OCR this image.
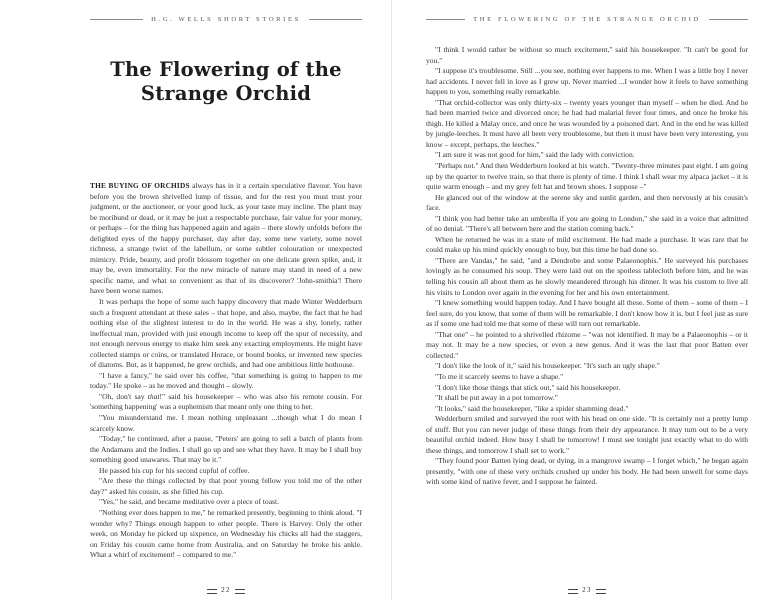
H.G. WELLS SHORT STORIES
The Flowering of the
Strange Orchid

THE BUYING OF ORCHIDS always has in it a certain speculative flavour. You have before you the brown shrivelled lump of tissue, and for the rest you must trust your judgment, or the auctioneer, or your good luck, as your taste may incline. The plant may be moribund or dead, or it may be just a respectable purchase, fair value for your money, or perhaps – for the thing has happened again and again – there slowly unfolds before the delighted eyes of the happy purchaser, day after day, some new variety, some novel richness, a strange twist of the labellum, or some subtler colouration or unexpected mimicry. Pride, beauty, and profit blossom together on one delicate green spike, and, it may be, even immortality. For the new miracle of nature may stand in need of a new specific name, and what so convenient as that of its discoverer? 'John-smithia'! There have been worse names.

It was perhaps the hope of some such happy discovery that made Winter Wedderburn such a frequent attendant at these sales – that hope, and also, maybe, the fact that he had nothing else of the slightest interest to do in the world. He was a shy, lonely, rather ineffectual man, provided with just enough income to keep off the spur of necessity, and not enough nervous energy to make him seek any exacting employments. He might have collected stamps or coins, or translated Horace, or bound books, or invented new species of diatoms. But, as it happened, he grew orchids, and had one ambitious little hothouse.

"I have a fancy," he said over his coffee, "that something is going to happen to me today." He spoke – as he moved and thought – slowly.

"Oh, don't say that!" said his housekeeper – who was also his remote cousin. For 'something happening' was a euphemism that meant only one thing to her.

"You misunderstand me. I mean nothing unpleasant ...though what I do mean I scarcely know.

"Today," he continued, after a pause, "Peters' are going to sell a batch of plants from the Andamans and the Indies. I shall go up and see what they have. It may be I shall buy something good unawares. That may be it."

He passed his cup for his second cupful of coffee.

"Are these the things collected by that poor young fellow you told me of the other day?" asked his cousin, as she filled his cup.

"Yes," he said, and became meditative over a piece of toast.

"Nothing ever does happen to me," he remarked presently, beginning to think aloud. "I wonder why? Things enough happen to other people. There is Harvey. Only the other week, on Monday he picked up sixpence, on Wednesday his chicks all had the staggers, on Friday his cousin came home from Australia, and on Saturday he broke his ankle. What a whirl of excitement! – compared to me."

22
THE FLOWERING OF THE STRANGE ORCHID

"I think I would rather be without so much excitement," said his housekeeper. "It can't be good for you."

"I suppose it's troublesome. Still ...you see, nothing ever happens to me. When I was a little boy I never had accidents. I never fell in love as I grew up. Never married ...I wonder how it feels to have something happen to you, something really remarkable.

"That orchid-collector was only thirty-six – twenty years younger than myself – when he died. And he had been married twice and divorced once; he had had malarial fever four times, and once he broke his thigh. He killed a Malay once, and once he was wounded by a poisoned dart. And in the end he was killed by jungle-leeches. It must have all been very troublesome, but then it must have been very interesting, you know – except, perhaps, the leeches."

"I am sure it was not good for him," said the lady with conviction.

"Perhaps not." And then Wedderburn looked at his watch. "Twenty-three minutes past eight. I am going up by the quarter to twelve train, so that there is plenty of time. I think I shall wear my alpaca jacket – it is quite warm enough – and my grey felt hat and brown shoes. I suppose –"

He glanced out of the window at the serene sky and sunlit garden, and then nervously at his cousin's face.

"I think you had better take an umbrella if you are going to London," she said in a voice that admitted of no denial. "There's all between here and the station coming back."

When he returned he was in a state of mild excitement. He had made a purchase. It was rare that he could make up his mind quickly enough to buy, but this time he had done so.

"There are Vandas," he said, "and a Dendrobe and some Palaeonophis." He surveyed his purchases lovingly as he consumed his soup. They were laid out on the spotless tablecloth before him, and he was telling his cousin all about them as he slowly meandered through his dinner. It was his custom to live all his visits to London over again in the evening for her and his own entertainment.

"I knew something would happen today. And I have bought all these. Some of them – some of them – I feel sure, do you know, that some of them will be remarkable. I don't know how it is, but I feel just as sure as if some one had told me that some of these will turn out remarkable.

"That one" – he pointed to a shrivelled rhizome – "was not identified. It may be a Palaeonophis – or it may not. It may be a new species, or even a new genus. And it was the last that poor Batten ever collected."

"I don't like the look of it," said his housekeeper. "It's such an ugly shape."

"To me it scarcely seems to have a shape."

"I don't like those things that stick out," said his housekeeper.

"It shall be put away in a pot tomorrow."

"It looks," said the housekeeper, "like a spider shamming dead."

Wedderburn smiled and surveyed the root with his head on one side. "It is certainly not a pretty lump of stuff. But you can never judge of these things from their dry appearance. It may turn out to be a very beautiful orchid indeed. How busy I shall be tomorrow! I must see tonight just exactly what to do with these things, and tomorrow I shall set to work."

"They found poor Batten lying dead, or dying, in a mangrove swamp – I forget which," he began again presently, "with one of these very orchids crushed up under his body. He had been unwell for some days with some kind of native fever, and I suppose he fainted.

23
